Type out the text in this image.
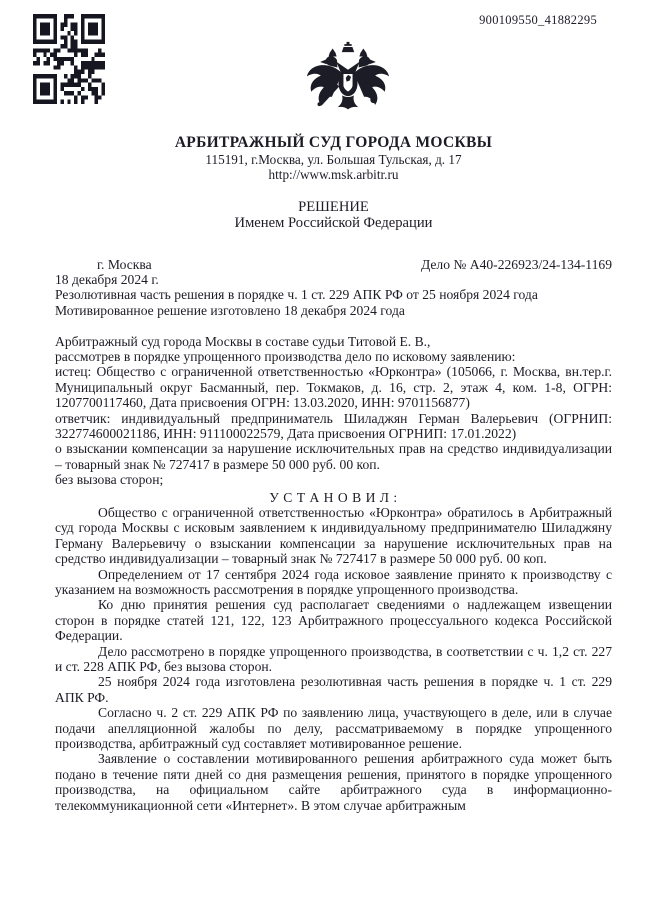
900109550_41882295
АРБИТРАЖНЫЙ СУД ГОРОДА МОСКВЫ
115191, г.Москва, ул. Большая Тульская, д. 17
http://www.msk.arbitr.ru
РЕШЕНИЕ
Именем Российской Федерации
г. Москва	Дело № А40-226923/24-134-1169
18 декабря 2024 г.
Резолютивная часть решения в порядке ч. 1 ст. 229 АПК РФ от 25 ноября 2024 года
Мотивированное решение изготовлено 18 декабря 2024 года
Арбитражный суд города Москвы в составе судьи Титовой Е. В.,
рассмотрев в порядке упрощенного производства дело по исковому заявлению:
истец: Общество с ограниченной ответственностью «Юрконтра» (105066, г. Москва, вн.тер.г. Муниципальный округ Басманный, пер. Токмаков, д. 16, стр. 2, этаж 4, ком. 1-8, ОГРН: 1207700117460, Дата присвоения ОГРН: 13.03.2020, ИНН: 9701156877)
ответчик: индивидуальный предприниматель Шиладжян Герман Валерьевич (ОГРНИП: 322774600021186, ИНН: 911100022579, Дата присвоения ОГРНИП: 17.01.2022)
о взыскании компенсации за нарушение исключительных прав на средство индивидуализации – товарный знак № 727417 в размере 50 000 руб. 00 коп.
без вызова сторон;
У С Т А Н О В И Л :

Общество с ограниченной ответственностью «Юрконтра» обратилось в Арбитражный суд города Москвы с исковым заявлением к индивидуальному предпринимателю Шиладжяну Герману Валерьевичу о взыскании компенсации за нарушение исключительных прав на средство индивидуализации – товарный знак № 727417 в размере 50 000 руб. 00 коп.

Определением от 17 сентября 2024 года исковое заявление принято к производству с указанием на возможность рассмотрения в порядке упрощенного производства.

Ко дню принятия решения суд располагает сведениями о надлежащем извещении сторон в порядке статей 121, 122, 123 Арбитражного процессуального кодекса Российской Федерации.

Дело рассмотрено в порядке упрощенного производства, в соответствии с ч. 1,2 ст. 227 и ст. 228 АПК РФ, без вызова сторон.

25 ноября 2024 года изготовлена резолютивная часть решения в порядке ч. 1 ст. 229 АПК РФ.

Согласно ч. 2 ст. 229 АПК РФ по заявлению лица, участвующего в деле, или в случае подачи апелляционной жалобы по делу, рассматриваемому в порядке упрощенного производства, арбитражный суд составляет мотивированное решение.

Заявление о составлении мотивированного решения арбитражного суда может быть подано в течение пяти дней со дня размещения решения, принятого в порядке упрощенного производства, на официальном сайте арбитражного суда в информационно-телекоммуникационной сети «Интернет». В этом случае арбитражным
